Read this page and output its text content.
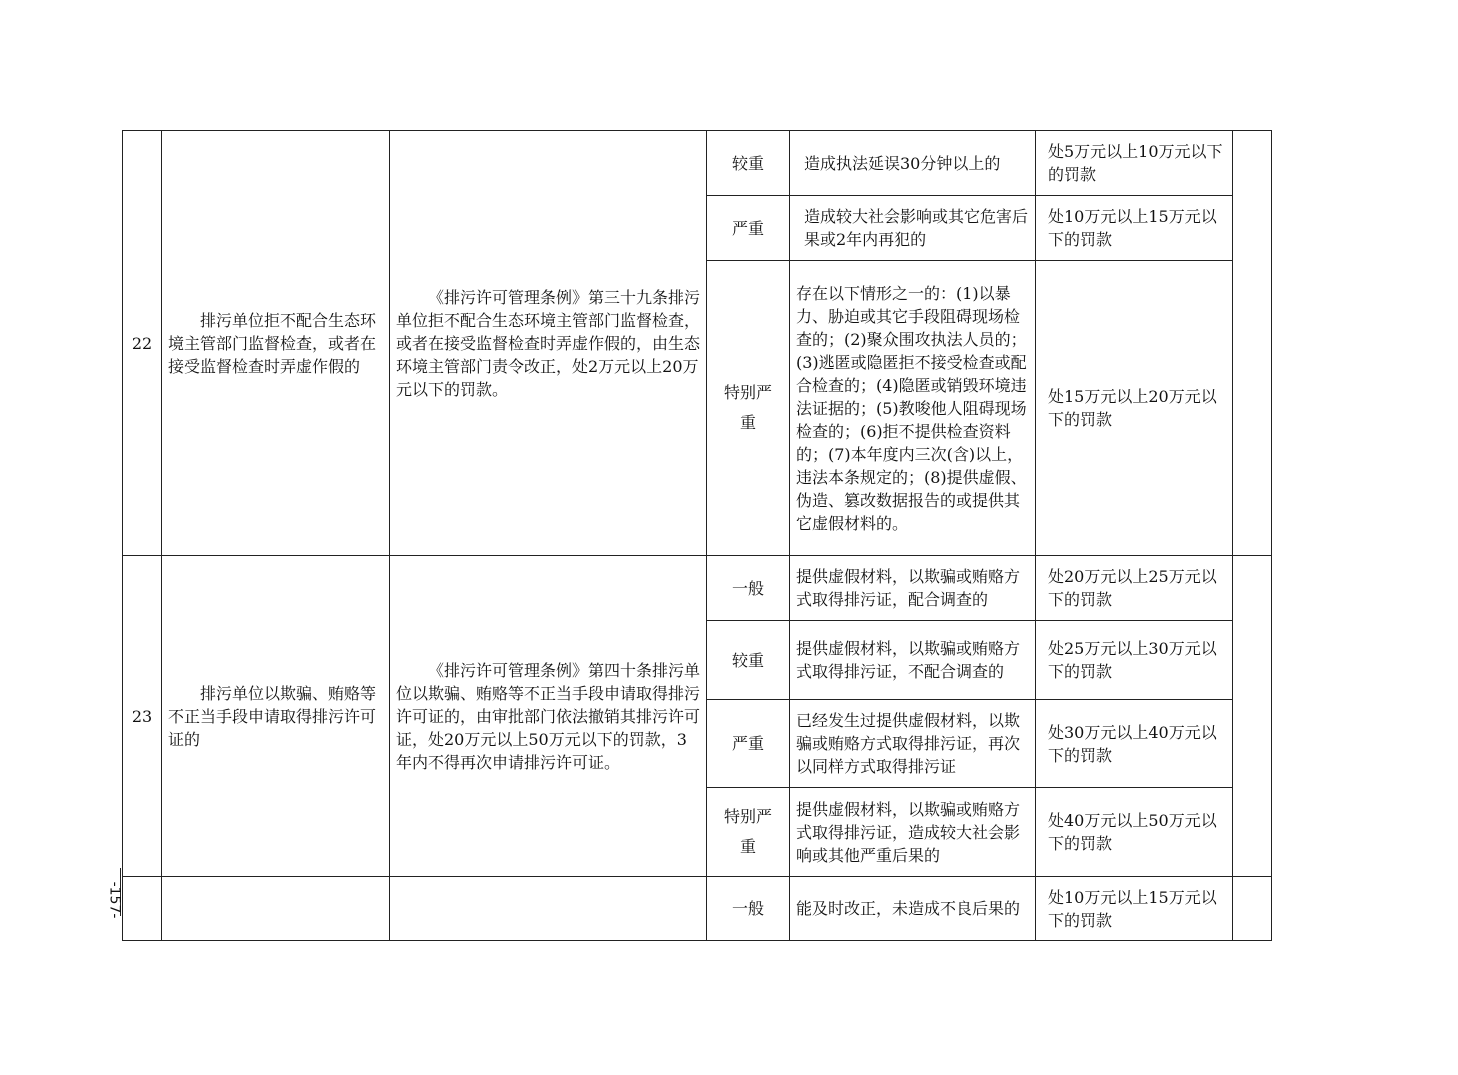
22	排污单位拒不配合生态环境主管部门监督检查，或者在接受监督检查时弄虚作假的	《排污许可管理条例》第三十九条排污单位拒不配合生态环境主管部门监督检查，或者在接受监督检查时弄虚作假的，由生态环境主管部门责令改正，处2万元以上20万元以下的罚款。	较重	造成执法延误30分钟以上的	处5万元以上10万元以下的罚款	
			严重	造成较大社会影响或其它危害后果或2年内再犯的	处10万元以上15万元以下的罚款	
			特别严重	存在以下情形之一的：(1)以暴力、胁迫或其它手段阻碍现场检查的；(2)聚众围攻执法人员的；(3)逃匿或隐匿拒不接受检查或配合检查的；(4)隐匿或销毁环境违法证据的；(5)教唆他人阻碍现场检查的；(6)拒不提供检查资料的；(7)本年度内三次(含)以上，违法本条规定的；(8)提供虚假、伪造、篡改数据报告的或提供其它虚假材料的。	处15万元以上20万元以下的罚款	
23	排污单位以欺骗、贿赂等不正当手段申请取得排污许可证的	《排污许可管理条例》第四十条排污单位以欺骗、贿赂等不正当手段申请取得排污许可证的，由审批部门依法撤销其排污许可证，处20万元以上50万元以下的罚款，3年内不得再次申请排污许可证。	一般	提供虚假材料，以欺骗或贿赂方式取得排污证，配合调查的	处20万元以上25万元以下的罚款	
			较重	提供虚假材料，以欺骗或贿赂方式取得排污证，不配合调查的	处25万元以上30万元以下的罚款	
			严重	已经发生过提供虚假材料，以欺骗或贿赂方式取得排污证，再次以同样方式取得排污证	处30万元以上40万元以下的罚款	
			特别严重	提供虚假材料，以欺骗或贿赂方式取得排污证，造成较大社会影响或其他严重后果的	处40万元以上50万元以下的罚款	
			一般	能及时改正，未造成不良后果的	处10万元以上15万元以下的罚款	
-157-
